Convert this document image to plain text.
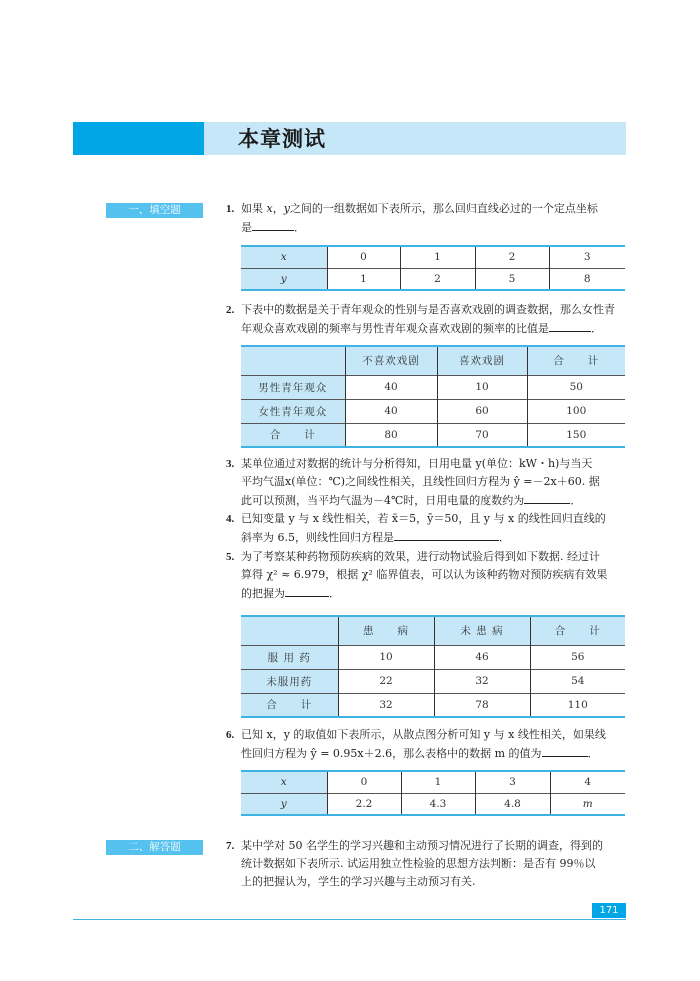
本章测试
一、填空题	1. 如果 x，y之间的一组数据如下表所示，那么回归直线必过的一个定点坐标
是	．
x	0	1	2	3
y	1	2	5	8
2. 下表中的数据是关于青年观众的性别与是否喜欢戏剧的调查数据，那么女性青
年观众喜欢戏剧的频率与男性青年观众喜欢戏剧的频率的比值是	．
	不喜欢戏剧	喜欢戏剧	合　　计
男性青年观众	40	10	50
女性青年观众	40	60	100
合　　计	80	70	150
3. 某单位通过对数据的统计与分析得知，日用电量 y(单位：kW・h)与当天
平均气温x(单位：℃)之间线性相关，且线性回归方程为 ŷ =－2x＋60. 据
此可以预测，当平均气温为－4℃时，日用电量的度数约为	．
4. 已知变量 y 与 x 线性相关，若 x̄＝5，ȳ＝50，且 y 与 x 的线性回归直线的
斜率为 6.5，则线性回归方程是	．
5. 为了考察某种药物预防疾病的效果，进行动物试验后得到如下数据. 经过计
算得 χ² ≈ 6.979，根据 χ² 临界值表，可以认为该种药物对预防疾病有效果
的把握为	．
	患　　病	未 患 病	合　　计
服 用 药	10	46	56
未服用药	22	32	54
合　　计	32	78	110
6. 已知 x，y 的取值如下表所示，从散点图分析可知 y 与 x 线性相关，如果线
性回归方程为 ŷ = 0.95x＋2.6，那么表格中的数据 m 的值为	．
x	0	1	3	4
y	2.2	4.3	4.8	m
二、解答题	7. 某中学对 50 名学生的学习兴趣和主动预习情况进行了长期的调查，得到的
统计数据如下表所示. 试运用独立性检验的思想方法判断：是否有 99％以
上的把握认为，学生的学习兴趣与主动预习有关.
171
